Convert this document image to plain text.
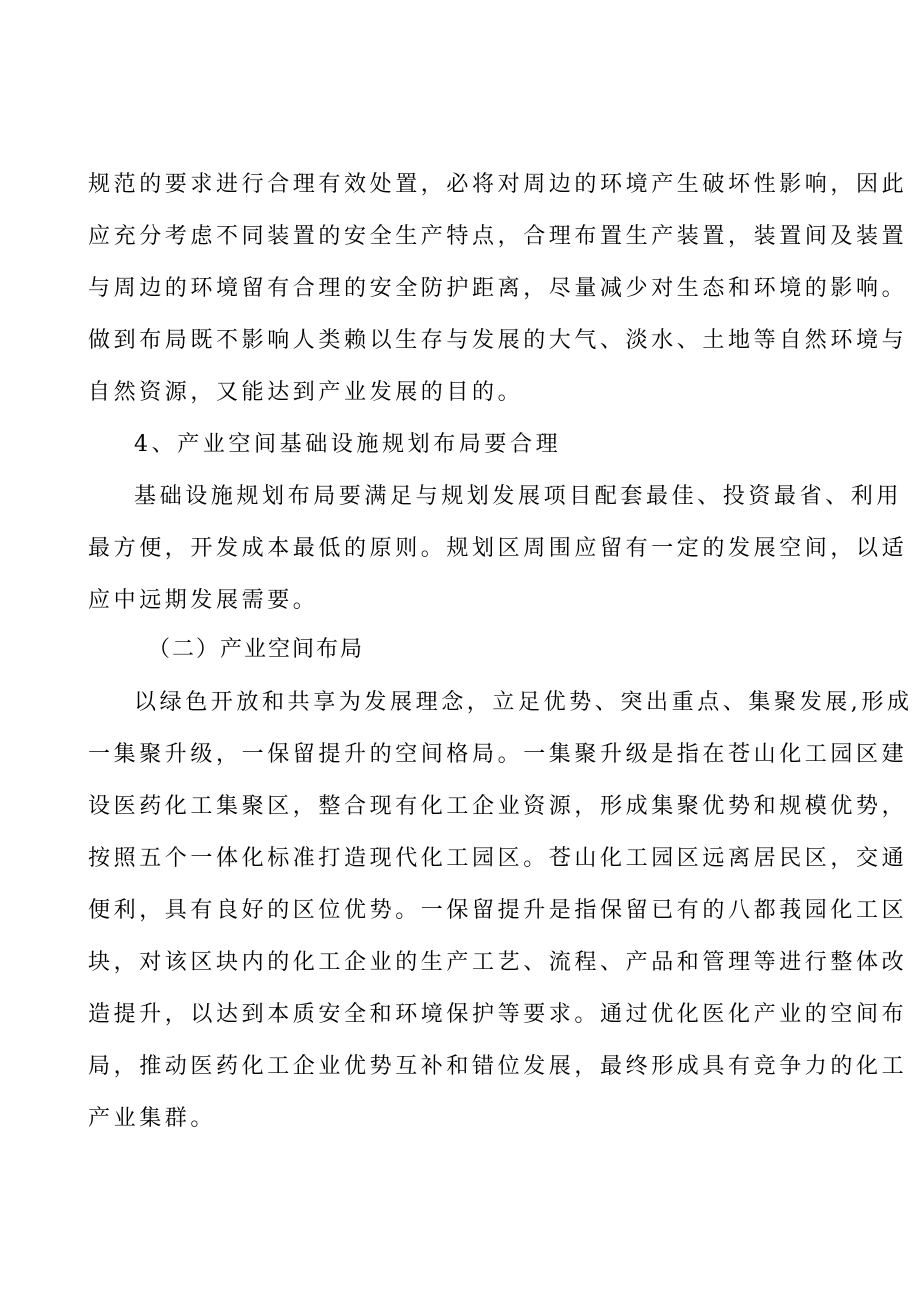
规范的要求进行合理有效处置，必将对周边的环境产生破坏性影响，因此
应充分考虑不同装置的安全生产特点，合理布置生产装置，装置间及装置
与周边的环境留有合理的安全防护距离，尽量减少对生态和环境的影响。
做到布局既不影响人类赖以生存与发展的大气、淡水、土地等自然环境与
自然资源，又能达到产业发展的目的。
4、产业空间基础设施规划布局要合理
基础设施规划布局要满足与规划发展项目配套最佳、投资最省、利用
最方便，开发成本最低的原则。规划区周围应留有一定的发展空间，以适
应中远期发展需要。
（二）产业空间布局
以绿色开放和共享为发展理念，立足优势、突出重点、集聚发展,形成
一集聚升级，一保留提升的空间格局。一集聚升级是指在苍山化工园区建
设医药化工集聚区，整合现有化工企业资源，形成集聚优势和规模优势，
按照五个一体化标准打造现代化工园区。苍山化工园区远离居民区，交通
便利，具有良好的区位优势。一保留提升是指保留已有的八都莪园化工区
块，对该区块内的化工企业的生产工艺、流程、产品和管理等进行整体改
造提升，以达到本质安全和环境保护等要求。通过优化医化产业的空间布
局，推动医药化工企业优势互补和错位发展，最终形成具有竞争力的化工
产业集群。
